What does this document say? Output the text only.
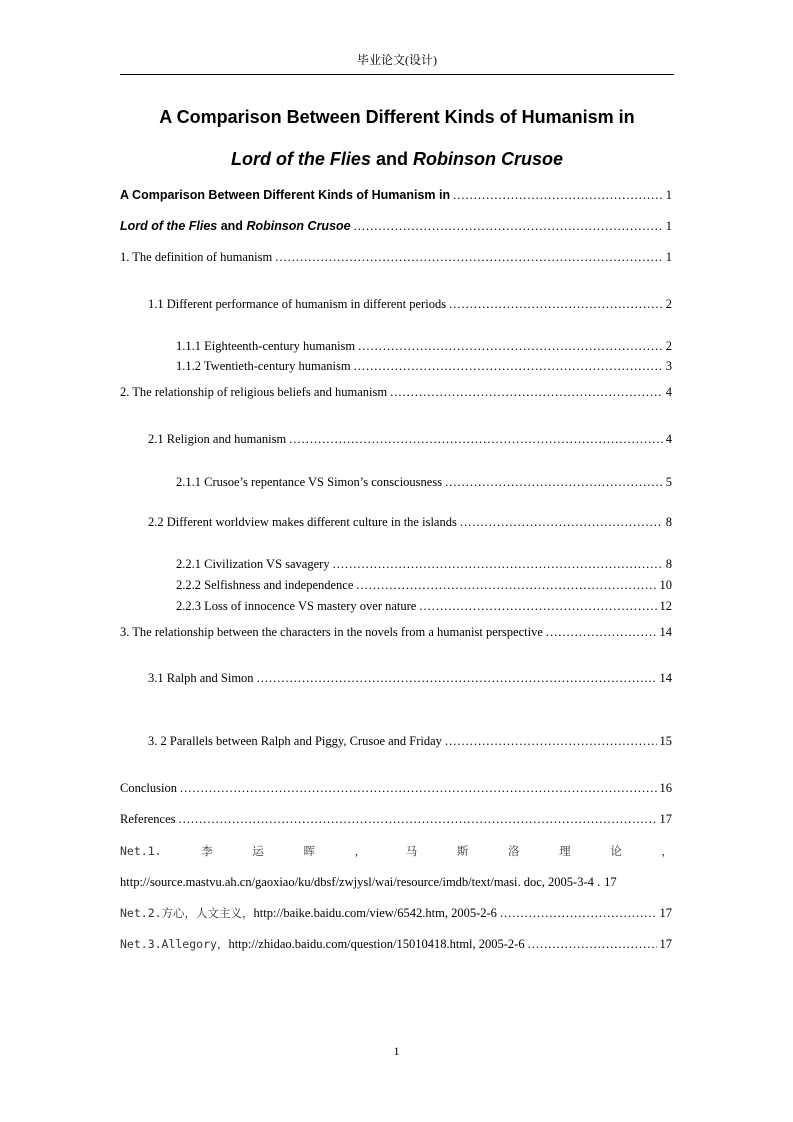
毕业论文(设计)
A Comparison Between Different Kinds of Humanism in
Lord of the Flies and Robinson Crusoe
A Comparison Between Different Kinds of Humanism in .....	1
Lord of the Flies and Robinson Crusoe .....	1
1. The definition of humanism .....	1
1.1 Different performance of humanism in different periods .....	2
1.1.1 Eighteenth-century humanism .....	2
1.1.2 Twentieth-century humanism .....	3
2. The relationship of religious beliefs and humanism .....	4
2.1 Religion and humanism .....	4
2.1.1 Crusoe’s repentance VS Simon’s consciousness .....	5
2.2 Different worldview makes different culture in the islands .....	8
2.2.1 Civilization VS savagery .....	8
2.2.2 Selfishness and independence .....	10
2.2.3 Loss of innocence VS mastery over nature .....	12
3. The relationship between the characters in the novels from a humanist perspective .....	14
3.1 Ralph and Simon .....	14
3. 2 Parallels between Ralph and Piggy, Crusoe and Friday .....	15
Conclusion .....	16
References .....	17
Net.1.	李	运	晖	，	马	斯	洛	理	论	，
http://source.mastvu.ah.cn/gaoxiao/ku/dbsf/zwjysl/wai/resource/imdb/text/masi. doc, 2005-3-4 . 17
Net.2.方心，人文主义， http://baike.baidu.com/view/6542.htm, 2005-2-6 .....	17
Net.3.Allegory， http://zhidao.baidu.com/question/15010418.html, 2005-2-6 .....	17
1
